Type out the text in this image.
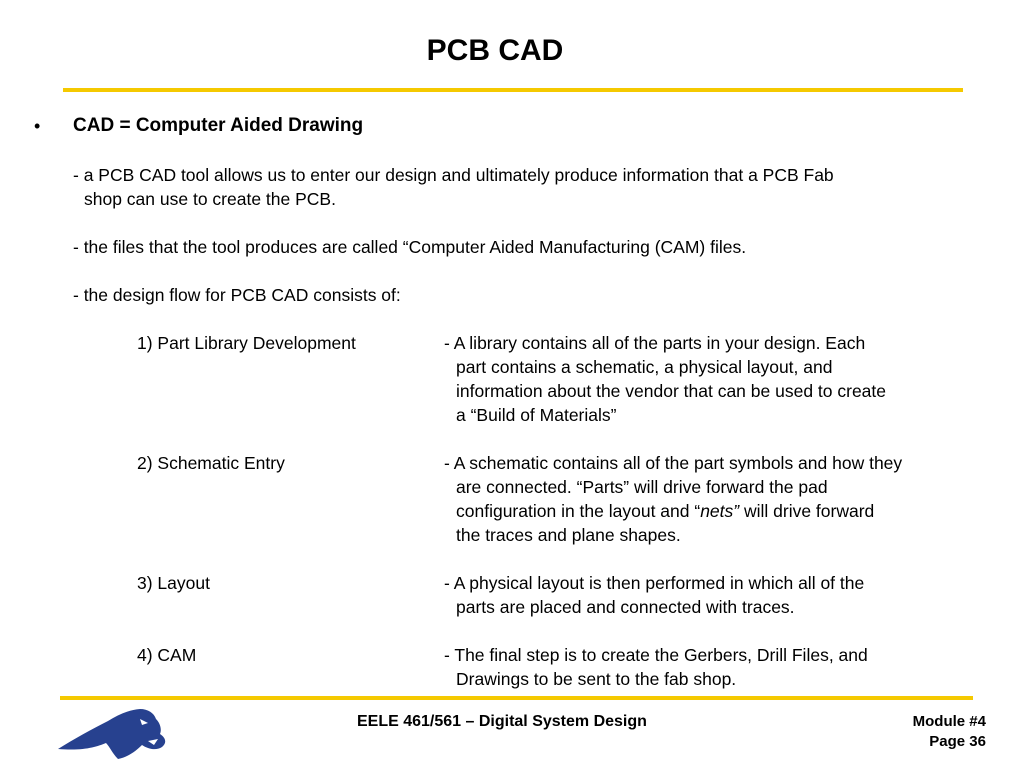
PCB CAD
• CAD = Computer Aided Drawing
- a PCB CAD tool allows us to enter our design and ultimately produce information that a PCB Fab
shop can use to create the PCB.
- the files that the tool produces are called “Computer Aided Manufacturing (CAM) files.
- the design flow for PCB CAD consists of:
1) Part Library Development	- A library contains all of the parts in your design. Each
part contains a schematic, a physical layout, and
information about the vendor that can be used to create
a “Build of Materials”
2) Schematic Entry	- A schematic contains all of the part symbols and how they
are connected. “Parts” will drive forward the pad
configuration in the layout and “nets” will drive forward
the traces and plane shapes.
3) Layout	- A physical layout is then performed in which all of the
parts are placed and connected with traces.
4) CAM	- The final step is to create the Gerbers, Drill Files, and
Drawings to be sent to the fab shop.
EELE 461/561 – Digital System Design	Module #4
Page 36
